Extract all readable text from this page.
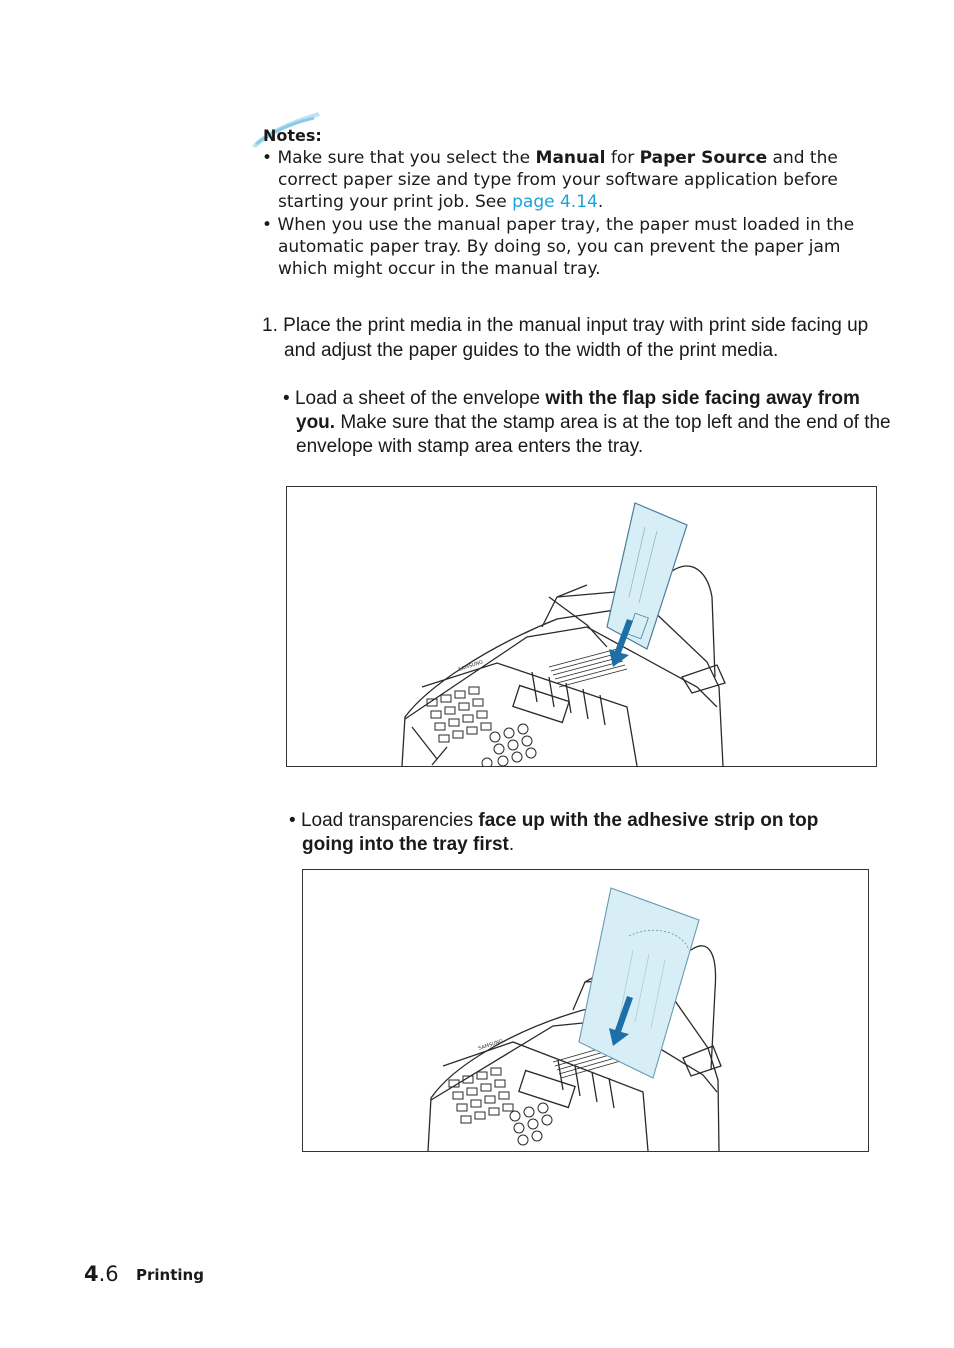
Notes:
• Make sure that you select the Manual for Paper Source and the correct paper size and type from your software application before starting your print job. See page 4.14.
• When you use the manual paper tray, the paper must loaded in the automatic paper tray. By doing so, you can prevent the paper jam which might occur in the manual tray.
1. Place the print media in the manual input tray with print side facing up and adjust the paper guides to the width of the print media.
• Load a sheet of the envelope with the flap side facing away from you. Make sure that the stamp area is at the top left and the end of the envelope with stamp area enters the tray.
SAMSUNG
• Load transparencies face up with the adhesive strip on top going into the tray first.
SAMSUNG
4.6 Printing
